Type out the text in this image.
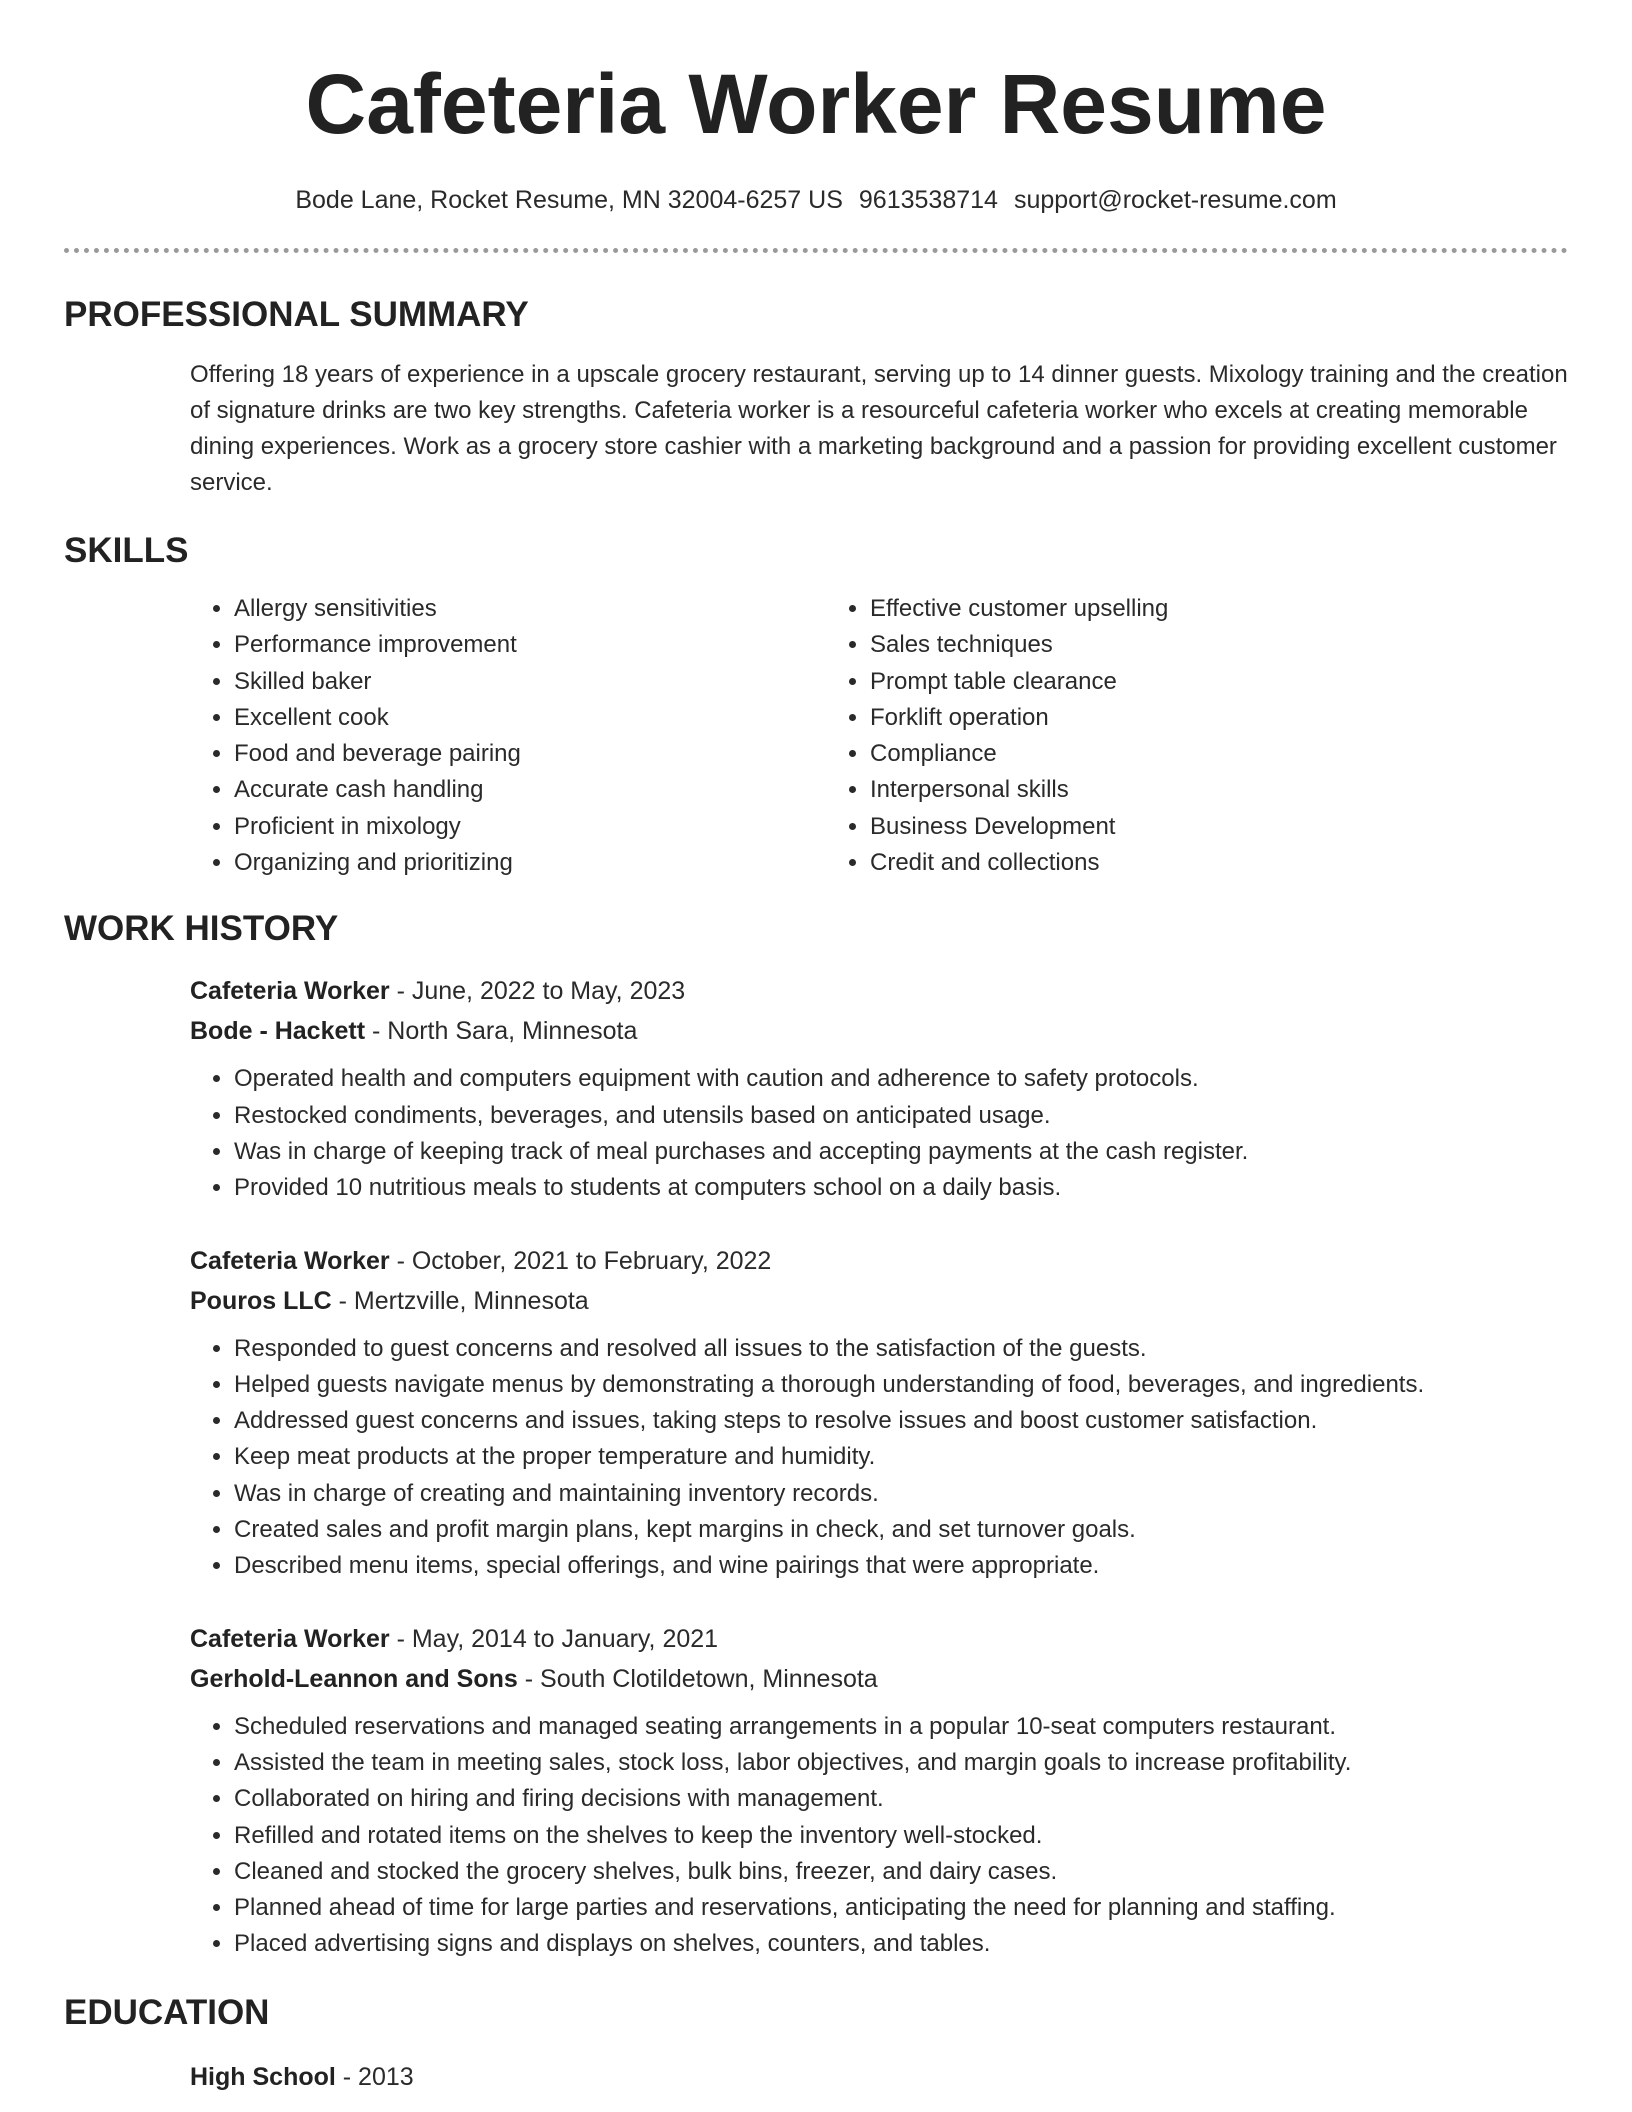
Cafeteria Worker Resume
Bode Lane, Rocket Resume, MN 32004-6257 US 9613538714 support@rocket-resume.com
PROFESSIONAL SUMMARY

Offering 18 years of experience in a upscale grocery restaurant, serving up to 14 dinner guests. Mixology training and the creation of signature drinks are two key strengths. Cafeteria worker is a resourceful cafeteria worker who excels at creating memorable dining experiences. Work as a grocery store cashier with a marketing background and a passion for providing excellent customer service.

SKILLS
• Allergy sensitivities
• Performance improvement
• Skilled baker
• Excellent cook
• Food and beverage pairing
• Accurate cash handling
• Proficient in mixology
• Organizing and prioritizing
• Effective customer upselling
• Sales techniques
• Prompt table clearance
• Forklift operation
• Compliance
• Interpersonal skills
• Business Development
• Credit and collections
WORK HISTORY
Cafeteria Worker - June, 2022 to May, 2023
Bode - Hackett - North Sara, Minnesota
• Operated health and computers equipment with caution and adherence to safety protocols.
• Restocked condiments, beverages, and utensils based on anticipated usage.
• Was in charge of keeping track of meal purchases and accepting payments at the cash register.
• Provided 10 nutritious meals to students at computers school on a daily basis.
Cafeteria Worker - October, 2021 to February, 2022
Pouros LLC - Mertzville, Minnesota
• Responded to guest concerns and resolved all issues to the satisfaction of the guests.
• Helped guests navigate menus by demonstrating a thorough understanding of food, beverages, and ingredients.
• Addressed guest concerns and issues, taking steps to resolve issues and boost customer satisfaction.
• Keep meat products at the proper temperature and humidity.
• Was in charge of creating and maintaining inventory records.
• Created sales and profit margin plans, kept margins in check, and set turnover goals.
• Described menu items, special offerings, and wine pairings that were appropriate.
Cafeteria Worker - May, 2014 to January, 2021
Gerhold-Leannon and Sons - South Clotildetown, Minnesota
• Scheduled reservations and managed seating arrangements in a popular 10-seat computers restaurant.
• Assisted the team in meeting sales, stock loss, labor objectives, and margin goals to increase profitability.
• Collaborated on hiring and firing decisions with management.
• Refilled and rotated items on the shelves to keep the inventory well-stocked.
• Cleaned and stocked the grocery shelves, bulk bins, freezer, and dairy cases.
• Planned ahead of time for large parties and reservations, anticipating the need for planning and staffing.
• Placed advertising signs and displays on shelves, counters, and tables.
EDUCATION
High School - 2013
